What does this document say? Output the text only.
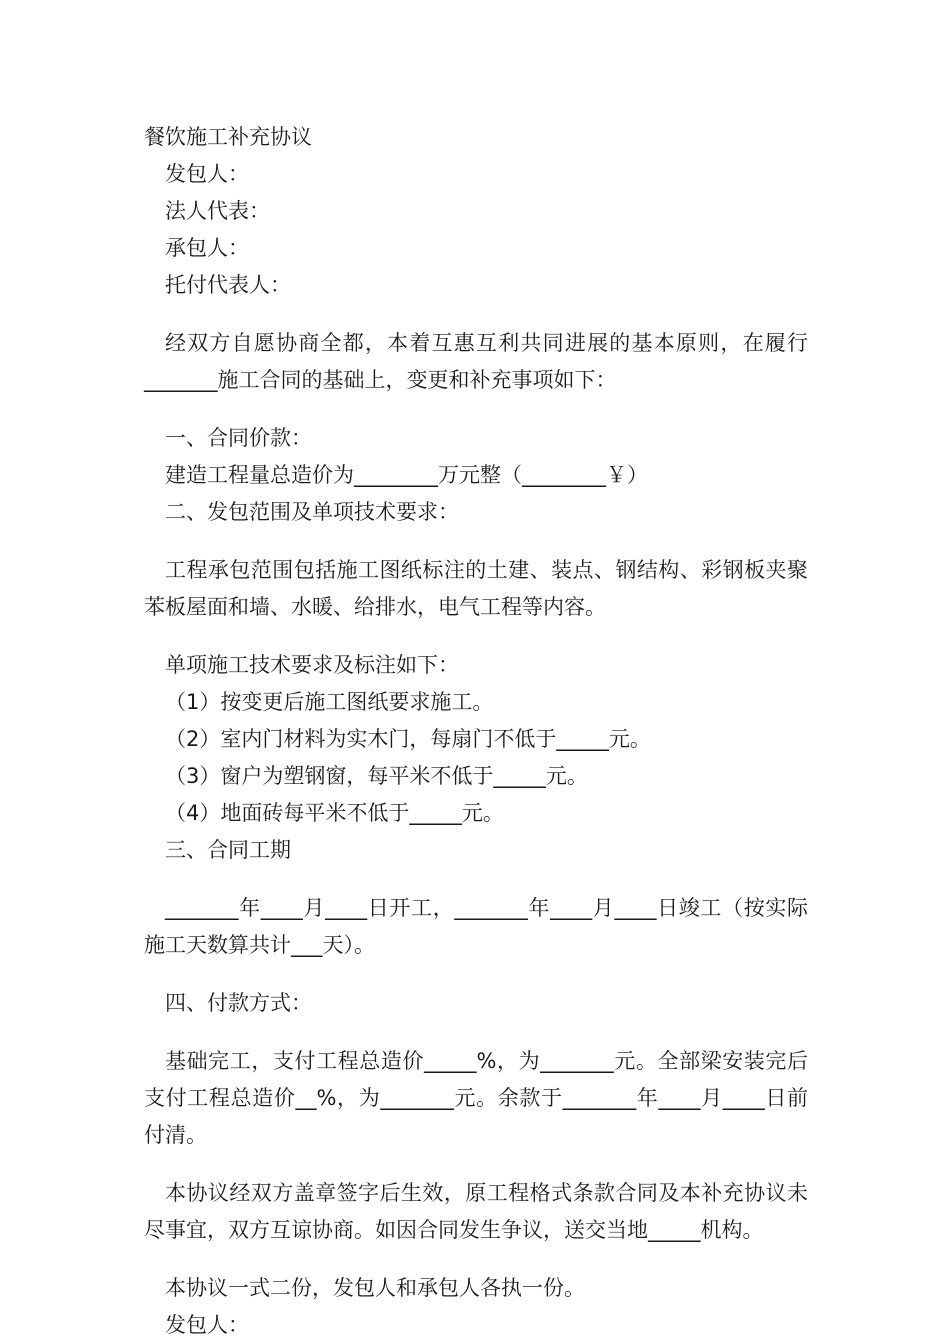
餐饮施工补充协议

发包人：

法人代表：

承包人：

托付代表人：

经双方自愿协商全都，本着互惠互利共同进展的基本原则，在履行_______施工合同的基础上，变更和补充事项如下：

一、合同价款：

建造工程量总造价为________万元整（________￥）

二、发包范围及单项技术要求：

工程承包范围包括施工图纸标注的土建、装点、钢结构、彩钢板夹聚苯板屋面和墙、水暖、给排水，电气工程等内容。

单项施工技术要求及标注如下：

（1）按变更后施工图纸要求施工。

（2）室内门材料为实木门，每扇门不低于_____元。

（3）窗户为塑钢窗，每平米不低于_____元。

（4）地面砖每平米不低于_____元。

三、合同工期

_______年____月____日开工，_______年____月____日竣工（按实际施工天数算共计___天）。

四、付款方式：

基础完工，支付工程总造价_____%，为_______元。全部梁安装完后支付工程总造价__%，为_______元。余款于_______年____月____日前付清。

本协议经双方盖章签字后生效，原工程格式条款合同及本补充协议未尽事宜，双方互谅协商。如因合同发生争议，送交当地_____机构。

本协议一式二份，发包人和承包人各执一份。

发包人：
